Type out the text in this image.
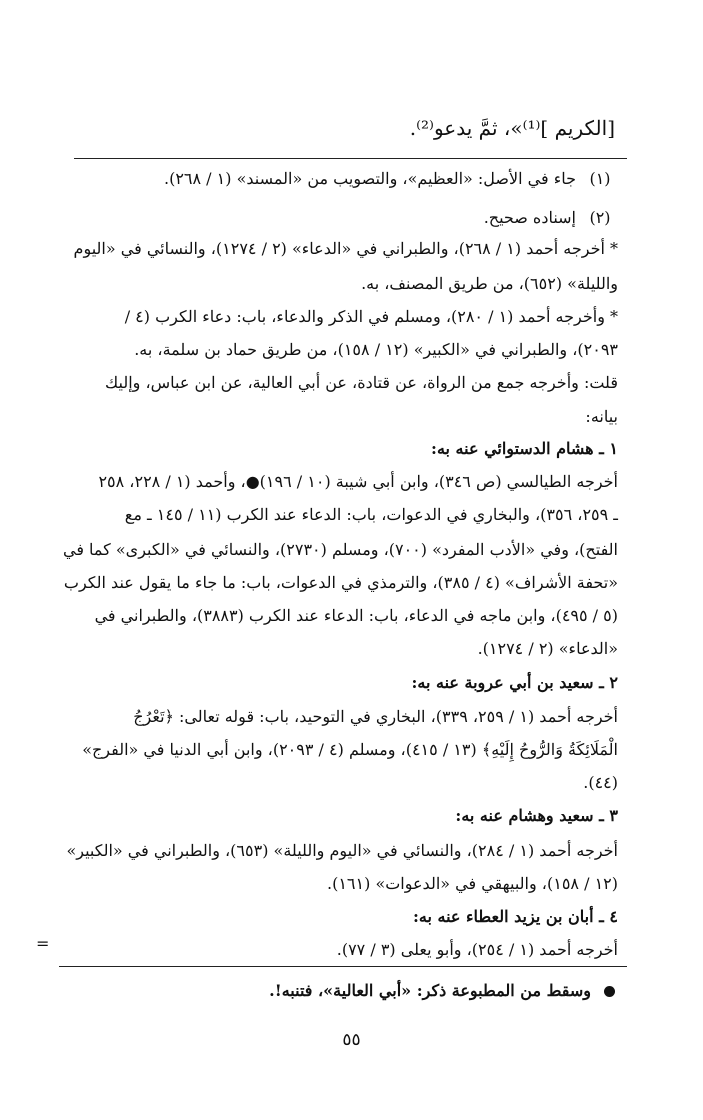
[الكريم ]⁽¹⁾»، ثمَّ يدعو⁽²⁾.
(١)
جاء في الأصل: «العظيم»، والتصويب من «المسند» (١ / ٢٦٨).
(٢)
إسناده صحيح.
* أخرجه أحمد (١ / ٢٦٨)، والطبراني في «الدعاء» (٢ / ١٢٧٤)، والنسائي في «اليوم
والليلة» (٦٥٢)، من طريق المصنف، به.
* وأخرجه أحمد (١ / ٢٨٠)، ومسلم في الذكر والدعاء، باب: دعاء الكرب (٤ /
٢٠٩٣)، والطبراني في «الكبير» (١٢ / ١٥٨)، من طريق حماد بن سلمة، به.
قلت: وأخرجه جمع من الرواة، عن قتادة، عن أبي العالية، عن ابن عباس، وإليك
بيانه:
١ ـ هشام الدستوائي عنه به:
أخرجه الطيالسي (ص ٣٤٦)، وابن أبي شيبة (١٠ / ١٩٦)●، وأحمد (١ / ٢٢٨، ٢٥٨
ـ ٢٥٩، ٣٥٦)، والبخاري في الدعوات، باب: الدعاء عند الكرب (١١ / ١٤٥ ـ مع
الفتح)، وفي «الأدب المفرد» (٧٠٠)، ومسلم (٢٧٣٠)، والنسائي في «الكبرى» كما في
«تحفة الأشراف» (٤ / ٣٨٥)، والترمذي في الدعوات، باب: ما جاء ما يقول عند الكرب
(٥ / ٤٩٥)، وابن ماجه في الدعاء، باب: الدعاء عند الكرب (٣٨٨٣)، والطبراني في
«الدعاء» (٢ / ١٢٧٤).
٢ ـ سعيد بن أبي عروبة عنه به:
أخرجه أحمد (١ / ٢٥٩، ٣٣٩)، البخاري في التوحيد، باب: قوله تعالى: ﴿تَعْرُجُ
الْمَلَائِكَةُ وَالرُّوحُ إِلَيْهِ﴾ (١٣ / ٤١٥)، ومسلم (٤ / ٢٠٩٣)، وابن أبي الدنيا في «الفرج»
(٤٤).
٣ ـ سعيد وهشام عنه به:
أخرجه أحمد (١ / ٢٨٤)، والنسائي في «اليوم والليلة» (٦٥٣)، والطبراني في «الكبير»
(١٢ / ١٥٨)، والبيهقي في «الدعوات» (١٦١).
٤ ـ أبان بن يزيد العطاء عنه به:
أخرجه أحمد (١ / ٢٥٤)، وأبو يعلى (٣ / ٧٧).
=
وسقط من المطبوعة ذكر: «أبي العالية»، فتنبه!.
٥٥
